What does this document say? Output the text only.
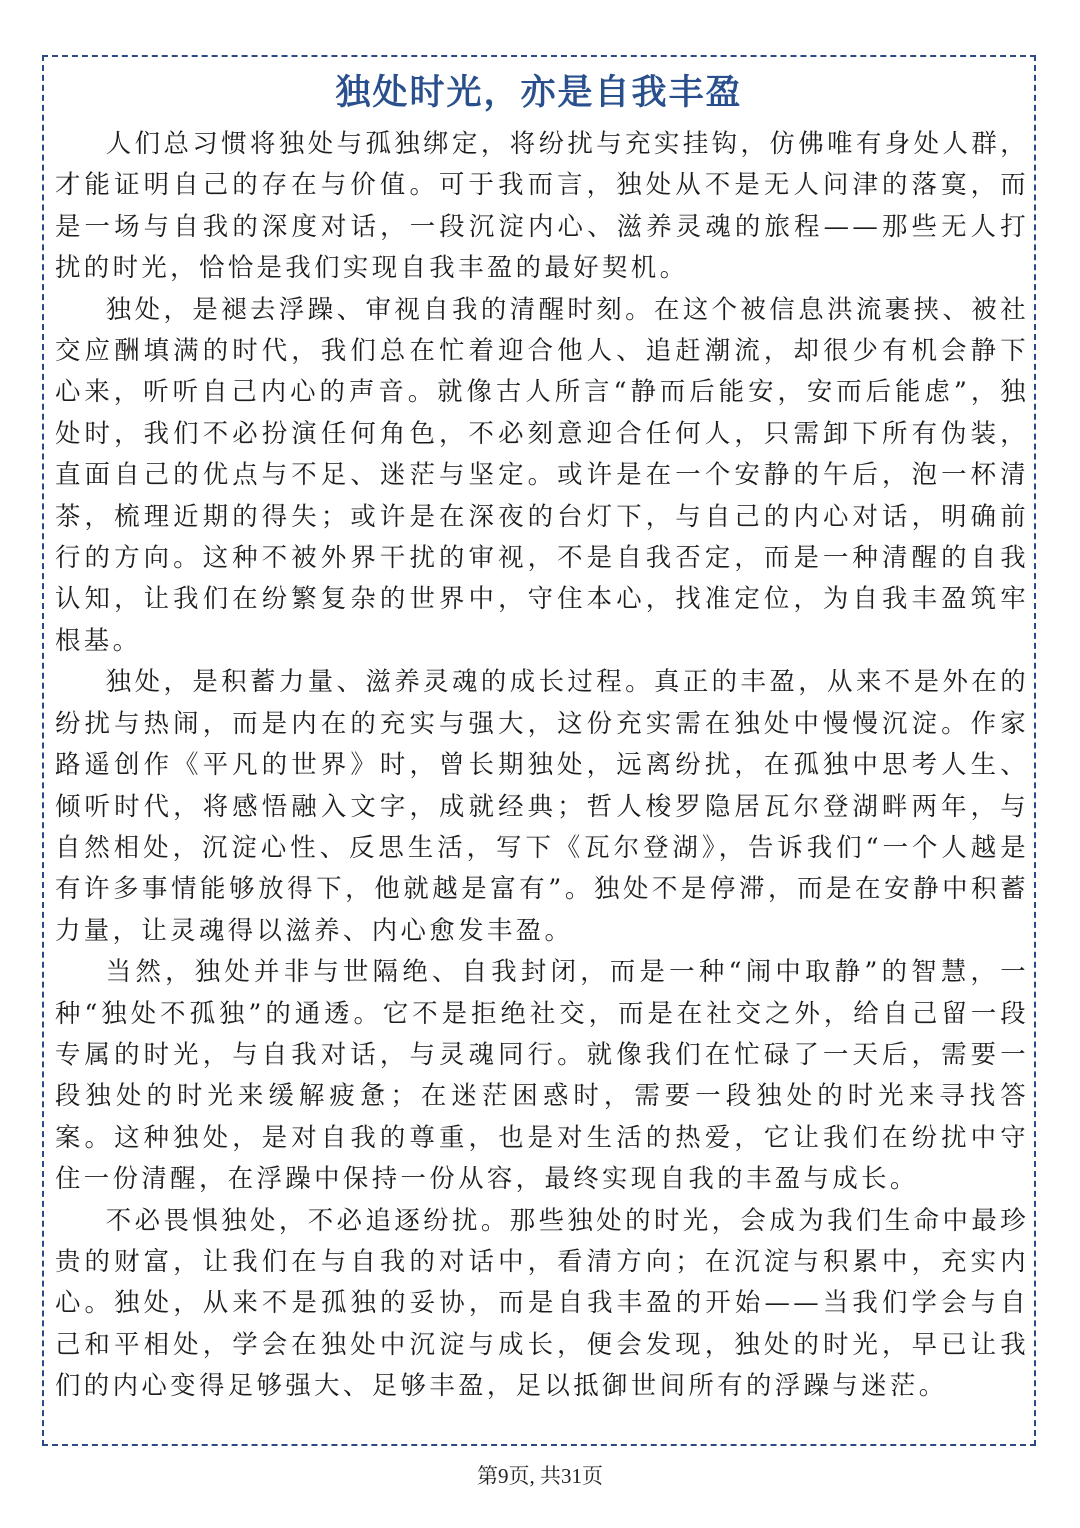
独处时光，亦是自我丰盈

人们总习惯将独处与孤独绑定，将纷扰与充实挂钩，仿佛唯有身处人群，才能证明自己的存在与价值。可于我而言，独处从不是无人问津的落寞，而是一场与自我的深度对话，一段沉淀内心、滋养灵魂的旅程——那些无人打扰的时光，恰恰是我们实现自我丰盈的最好契机。

独处，是褪去浮躁、审视自我的清醒时刻。在这个被信息洪流裹挟、被社交应酬填满的时代，我们总在忙着迎合他人、追赶潮流，却很少有机会静下心来，听听自己内心的声音。就像古人所言“静而后能安，安而后能虑”，独处时，我们不必扮演任何角色，不必刻意迎合任何人，只需卸下所有伪装，直面自己的优点与不足、迷茫与坚定。或许是在一个安静的午后，泡一杯清茶，梳理近期的得失；或许是在深夜的台灯下，与自己的内心对话，明确前行的方向。这种不被外界干扰的审视，不是自我否定，而是一种清醒的自我认知，让我们在纷繁复杂的世界中，守住本心，找准定位，为自我丰盈筑牢根基。

独处，是积蓄力量、滋养灵魂的成长过程。真正的丰盈，从来不是外在的纷扰与热闹，而是内在的充实与强大，这份充实需在独处中慢慢沉淀。作家路遥创作《平凡的世界》时，曾长期独处，远离纷扰，在孤独中思考人生、倾听时代，将感悟融入文字，成就经典；哲人梭罗隐居瓦尔登湖畔两年，与自然相处，沉淀心性、反思生活，写下《瓦尔登湖》，告诉我们“一个人越是有许多事情能够放得下，他就越是富有”。独处不是停滞，而是在安静中积蓄力量，让灵魂得以滋养、内心愈发丰盈。

当然，独处并非与世隔绝、自我封闭，而是一种“闹中取静”的智慧，一种“独处不孤独”的通透。它不是拒绝社交，而是在社交之外，给自己留一段专属的时光，与自我对话，与灵魂同行。就像我们在忙碌了一天后，需要一段独处的时光来缓解疲惫；在迷茫困惑时，需要一段独处的时光来寻找答案。这种独处，是对自我的尊重，也是对生活的热爱，它让我们在纷扰中守住一份清醒，在浮躁中保持一份从容，最终实现自我的丰盈与成长。

不必畏惧独处，不必追逐纷扰。那些独处的时光，会成为我们生命中最珍贵的财富，让我们在与自我的对话中，看清方向；在沉淀与积累中，充实内心。独处，从来不是孤独的妥协，而是自我丰盈的开始——当我们学会与自己和平相处，学会在独处中沉淀与成长，便会发现，独处的时光，早已让我们的内心变得足够强大、足够丰盈，足以抵御世间所有的浮躁与迷茫。

第9页, 共31页
